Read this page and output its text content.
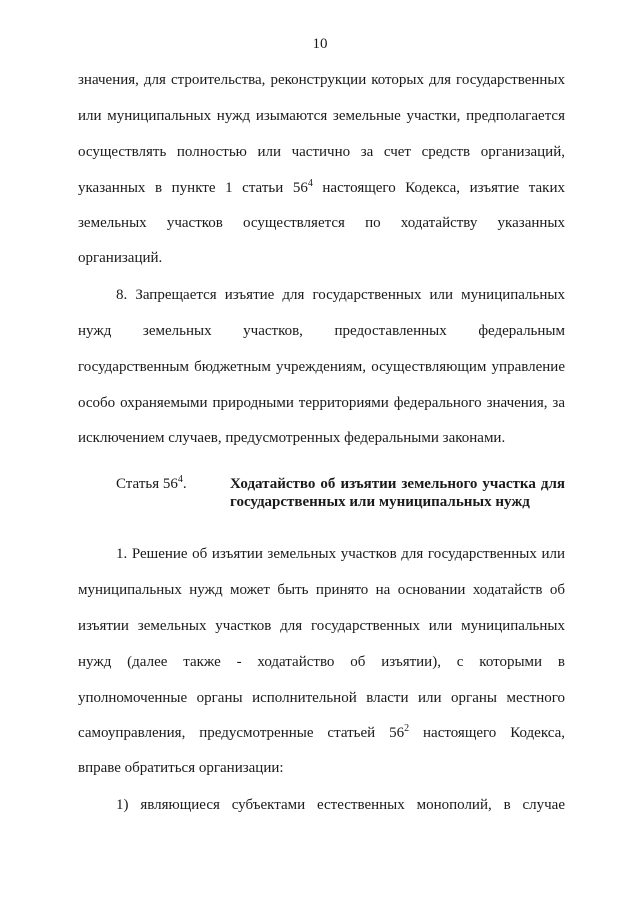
10
значения, для строительства, реконструкции которых для государственных
или муниципальных нужд изымаются земельные участки, предполагается
осуществлять полностью или частично за счет средств организаций,
указанных в пункте 1 статьи $56^4$ настоящего Кодекса, изъятие таких
земельных участков осуществляется по ходатайству указанных
организаций.
8. Запрещается изъятие для государственных или муниципальных
нужд земельных участков, предоставленных федеральным
государственным бюджетным учреждениям, осуществляющим управление
особо охраняемыми природными территориями федерального значения, за
исключением случаев, предусмотренных федеральными законами.
Статья $56^4$.	Ходатайство об изъятии земельного участка для
государственных или муниципальных нужд
1. Решение об изъятии земельных участков для государственных или
муниципальных нужд может быть принято на основании ходатайств об
изъятии земельных участков для государственных или муниципальных
нужд (далее также - ходатайство об изъятии), с которыми в
уполномоченные органы исполнительной власти или органы местного
самоуправления, предусмотренные статьей $56^2$ настоящего Кодекса,
вправе обратиться организации:
1) являющиеся субъектами естественных монополий, в случае
